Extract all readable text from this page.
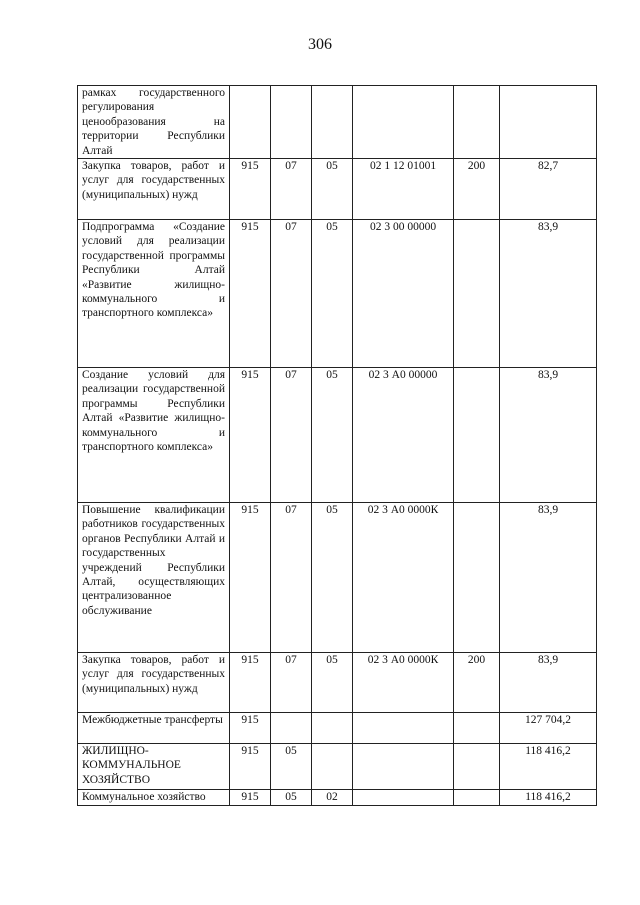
306
рамках государственного регулирования ценообразования на территории Республики Алтай						
Закупка товаров, работ и услуг для государственных (муниципальных) нужд	915	07	05	02 1 12 01001	200	82,7
Подпрограмма «Создание условий для реализации государственной программы Республики Алтай «Развитие жилищно-коммунального и транспортного комплекса»	915	07	05	02 3 00 00000		83,9
Создание условий для реализации государственной программы Республики Алтай «Развитие жилищно-коммунального и транспортного комплекса»	915	07	05	02 3 А0 00000		83,9
Повышение квалификации работников государственных органов Республики Алтай и государственных учреждений Республики Алтай, осуществляющих централизованное обслуживание	915	07	05	02 3 А0 0000К		83,9
Закупка товаров, работ и услуг для государственных (муниципальных) нужд	915	07	05	02 3 А0 0000К	200	83,9
Межбюджетные трансферты	915					127 704,2
ЖИЛИЩНО-КОММУНАЛЬНОЕ ХОЗЯЙСТВО	915	05				118 416,2
Коммунальное хозяйство	915	05	02			118 416,2
